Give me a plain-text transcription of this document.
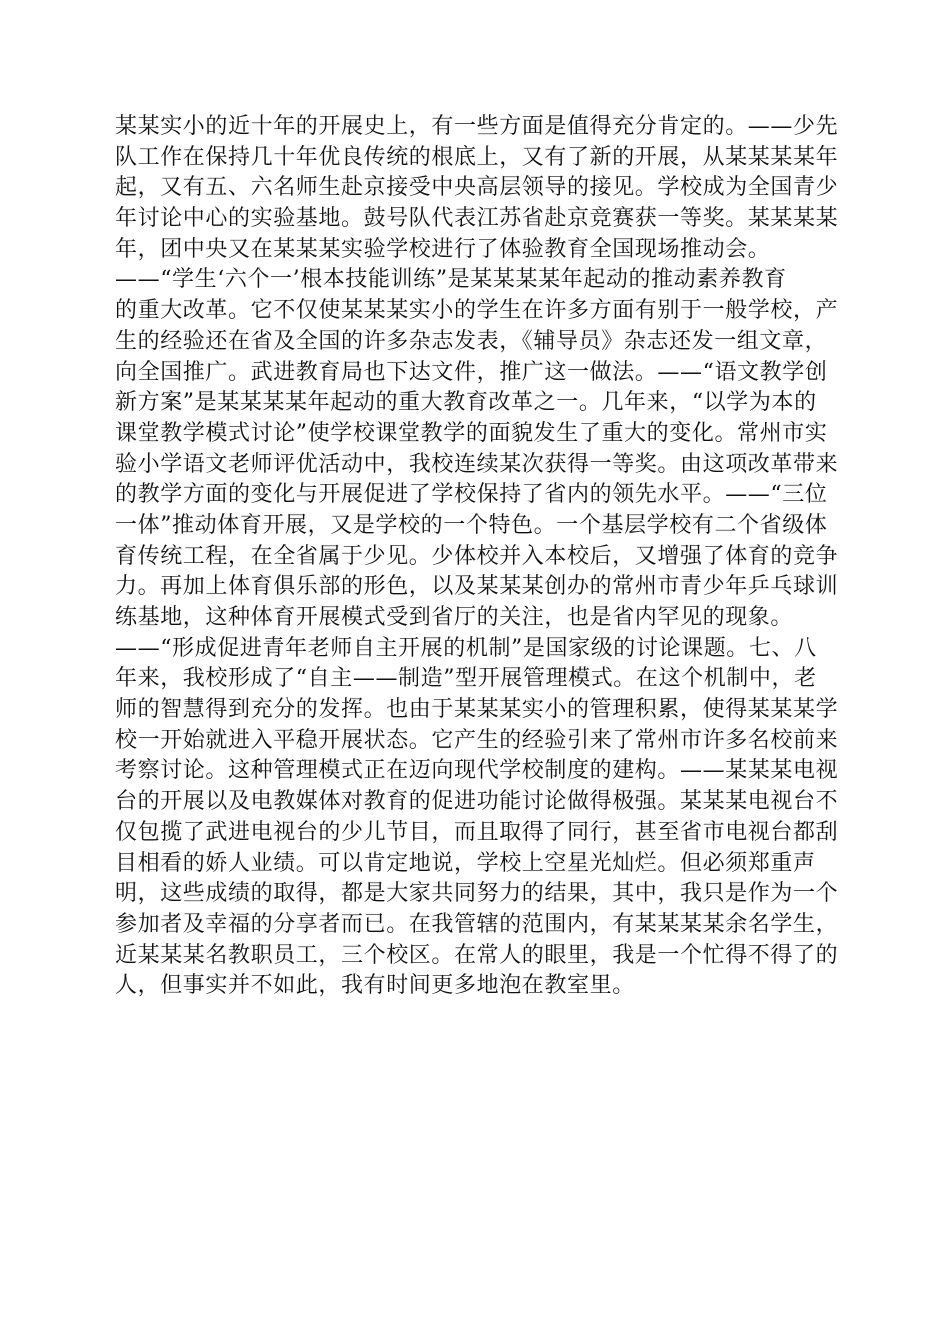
某某实小的近十年的开展史上，有一些方面是值得充分肯定的。——少先
队工作在保持几十年优良传统的根底上，又有了新的开展，从某某某某年
起，又有五、六名师生赴京接受中央高层领导的接见。学校成为全国青少
年讨论中心的实验基地。鼓号队代表江苏省赴京竞赛获一等奖。某某某某
年，团中央又在某某某实验学校进行了体验教育全国现场推动会。
——“学生‘六个一’根本技能训练”是某某某某年起动的推动素养教育
的重大改革。它不仅使某某某实小的学生在许多方面有别于一般学校，产
生的经验还在省及全国的许多杂志发表，《辅导员》杂志还发一组文章，
向全国推广。武进教育局也下达文件，推广这一做法。——“语文教学创
新方案”是某某某某年起动的重大教育改革之一。几年来，“以学为本的
课堂教学模式讨论”使学校课堂教学的面貌发生了重大的变化。常州市实
验小学语文老师评优活动中，我校连续某次获得一等奖。由这项改革带来
的教学方面的变化与开展促进了学校保持了省内的领先水平。——“三位
一体”推动体育开展，又是学校的一个特色。一个基层学校有二个省级体
育传统工程，在全省属于少见。少体校并入本校后，又增强了体育的竞争
力。再加上体育俱乐部的形色，以及某某某创办的常州市青少年乒乓球训
练基地，这种体育开展模式受到省厅的关注，也是省内罕见的现象。
——“形成促进青年老师自主开展的机制”是国家级的讨论课题。七、八
年来，我校形成了“自主——制造”型开展管理模式。在这个机制中，老
师的智慧得到充分的发挥。也由于某某某实小的管理积累，使得某某某学
校一开始就进入平稳开展状态。它产生的经验引来了常州市许多名校前来
考察讨论。这种管理模式正在迈向现代学校制度的建构。——某某某电视
台的开展以及电教媒体对教育的促进功能讨论做得极强。某某某电视台不
仅包揽了武进电视台的少儿节目，而且取得了同行，甚至省市电视台都刮
目相看的娇人业绩。可以肯定地说，学校上空星光灿烂。但必须郑重声
明，这些成绩的取得，都是大家共同努力的结果，其中，我只是作为一个
参加者及幸福的分享者而已。在我管辖的范围内，有某某某某余名学生，
近某某某名教职员工，三个校区。在常人的眼里，我是一个忙得不得了的
人，但事实并不如此，我有时间更多地泡在教室里。
